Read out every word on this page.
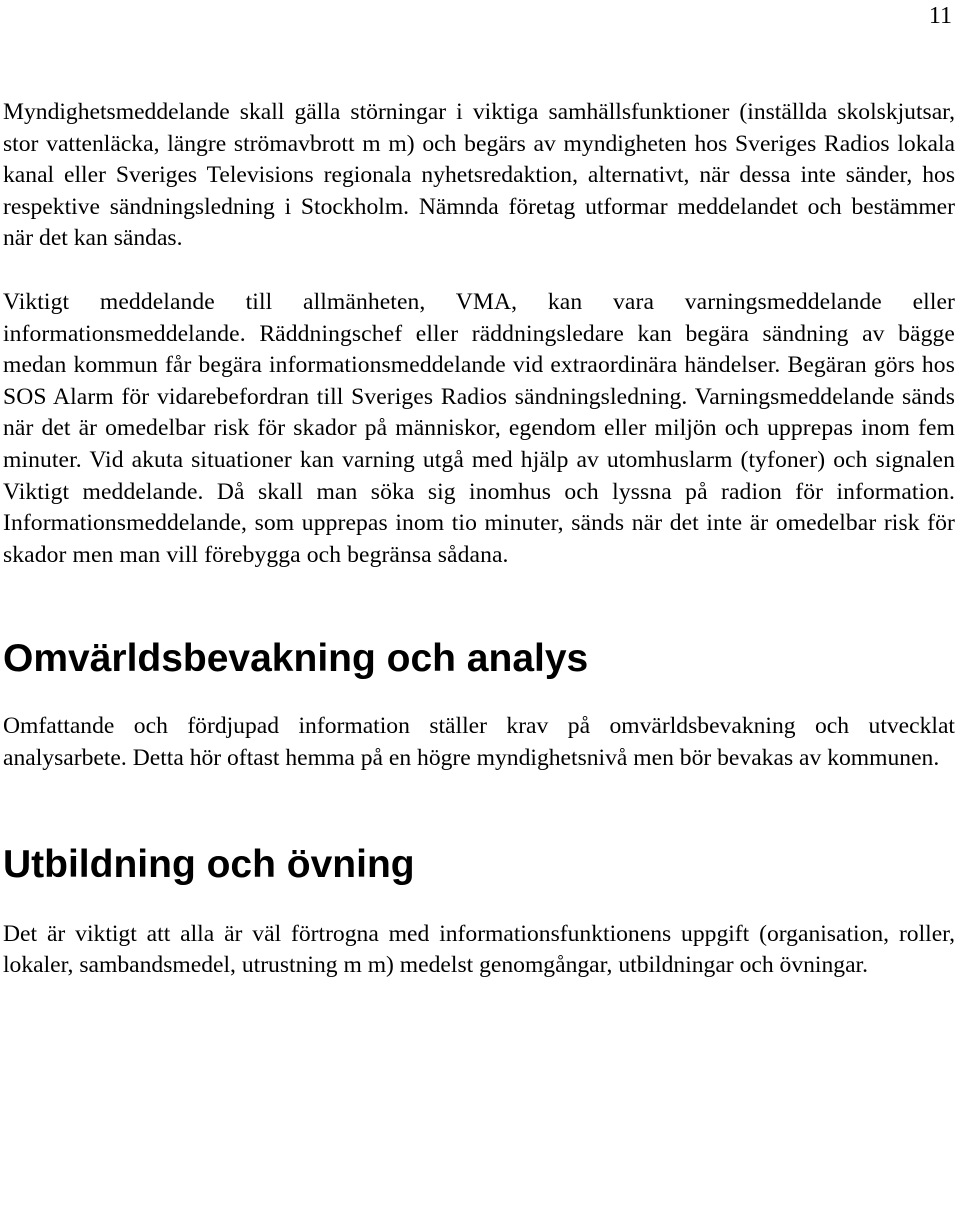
11

Myndighetsmeddelande skall gälla störningar i viktiga samhällsfunktioner (inställda skolskjutsar, stor vattenläcka, längre strömavbrott m m) och begärs av myndigheten hos Sveriges Radios lokala kanal eller Sveriges Televisions regionala nyhetsredaktion, alternativt, när dessa inte sänder, hos respektive sändningsledning i Stockholm. Nämnda företag utformar meddelandet och bestämmer när det kan sändas.

Viktigt meddelande till allmänheten, VMA, kan vara varningsmeddelande eller informationsmeddelande. Räddningschef eller räddningsledare kan begära sändning av bägge medan kommun får begära informationsmeddelande vid extraordinära händelser. Begäran görs hos SOS Alarm för vidarebefordran till Sveriges Radios sändningsledning. Varningsmeddelande sänds när det är omedelbar risk för skador på människor, egendom eller miljön och upprepas inom fem minuter. Vid akuta situationer kan varning utgå med hjälp av utomhuslarm (tyfoner) och signalen Viktigt meddelande. Då skall man söka sig inomhus och lyssna på radion för information. Informationsmeddelande, som upprepas inom tio minuter, sänds när det inte är omedelbar risk för skador men man vill förebygga och begränsa sådana.

Omvärldsbevakning och analys

Omfattande och fördjupad information ställer krav på omvärldsbevakning och utvecklat analysarbete. Detta hör oftast hemma på en högre myndighetsnivå men bör bevakas av kommunen.

Utbildning och övning

Det är viktigt att alla är väl förtrogna med informationsfunktionens uppgift (organisation, roller, lokaler, sambandsmedel, utrustning m m) medelst genomgångar, utbildningar och övningar.
